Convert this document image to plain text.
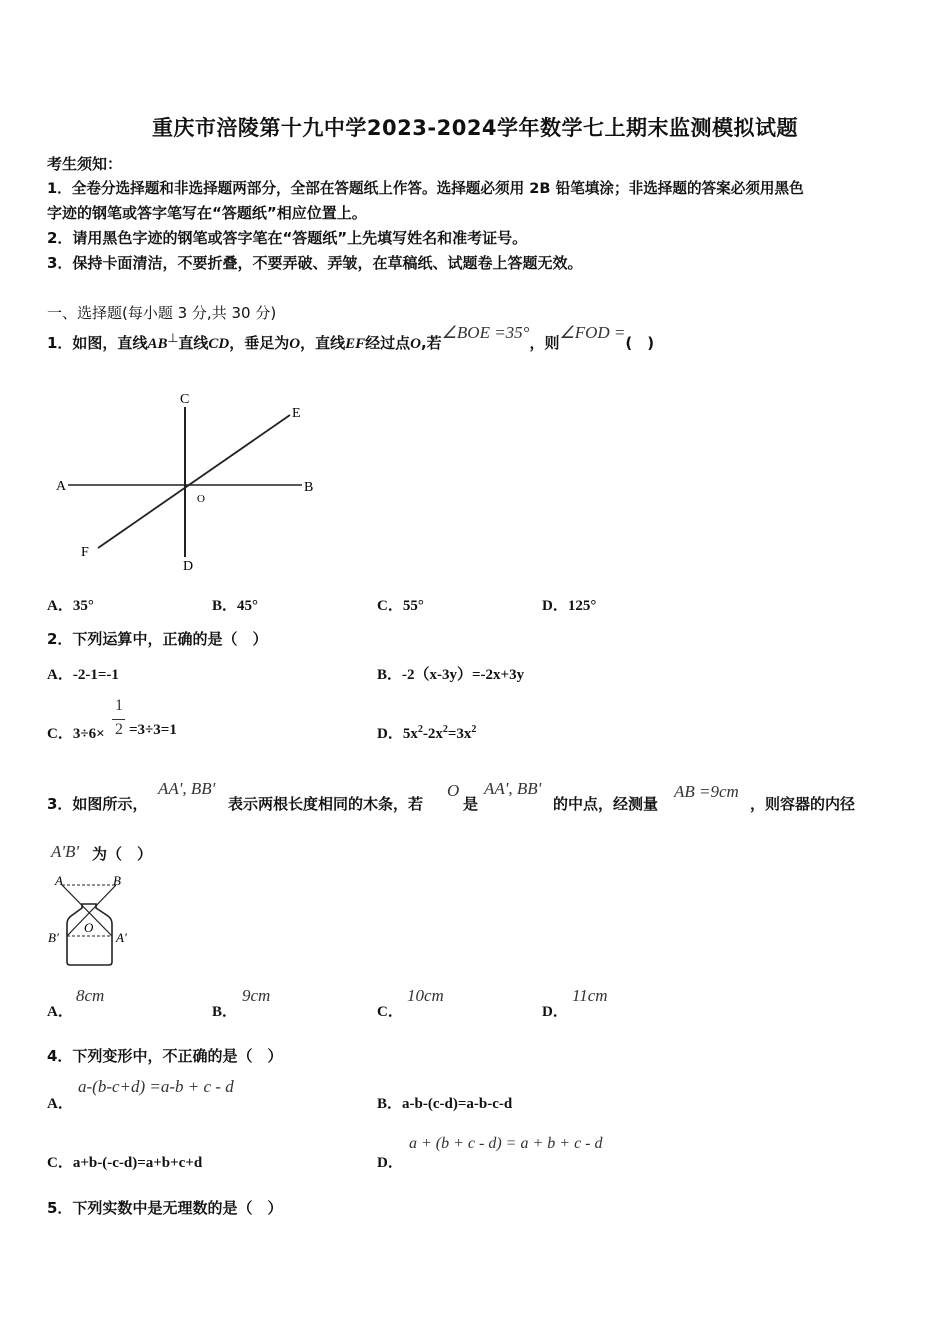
重庆市涪陵第十九中学2023-2024学年数学七上期末监测模拟试题
考生须知：
1．全卷分选择题和非选择题两部分，全部在答题纸上作答。选择题必须用 2B 铅笔填涂；非选择题的答案必须用黑色
字迹的钢笔或答字笔写在“答题纸”相应位置上。
2．请用黑色字迹的钢笔或答字笔在“答题纸”上先填写姓名和准考证号。
3．保持卡面清洁，不要折叠，不要弄破、弄皱，在草稿纸、试题卷上答题无效。
一、选择题(每小题 3 分,共 30 分)
1．如图，直线AB⊥直线CD，垂足为O，直线EF经过点O,若∠BOE =35°，则∠FOD =(　)
C
D
A	B
E
F
O
A．35°	B．45°	C．55°	D．125°
2．下列运算中，正确的是（　）
A．-2-1=-1	B．-2（x-3y）=-2x+3y
C．3÷6×
1
2 =3÷3=1	D．$5x^2-2x^2=3x^2$
3．如图所示，
AA', BB'
表示两根长度相同的木条，若
O
是
AA', BB'
的中点，经测量
AB =9cm
，则容器的内径
A'B' 为（　）
A	B
O
B′	A′
A．
8cm
B．
9cm
C．
10cm
D．
11cm
4．下列变形中，不正确的是（　）
A．
a-(b-c+d) =a-b + c - d
B．a-b-(c-d)=a-b-c-d
C．a+b-(-c-d)=a+b+c+d	D．
a + (b + c - d) = a + b + c - d
5．下列实数中是无理数的是（　）
